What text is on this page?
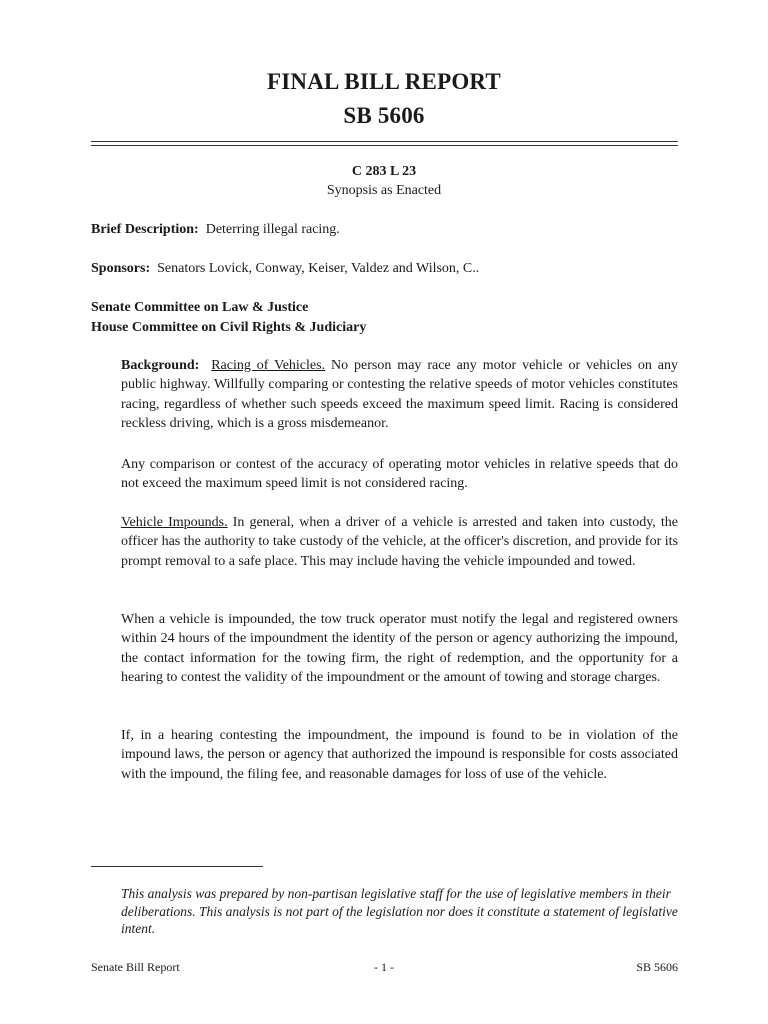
FINAL BILL REPORT
SB 5606
C 283 L 23
Synopsis as Enacted
Brief Description: Deterring illegal racing.
Sponsors: Senators Lovick, Conway, Keiser, Valdez and Wilson, C..
Senate Committee on Law & Justice
House Committee on Civil Rights & Judiciary
Background: Racing of Vehicles. No person may race any motor vehicle or vehicles on any public highway. Willfully comparing or contesting the relative speeds of motor vehicles constitutes racing, regardless of whether such speeds exceed the maximum speed limit. Racing is considered reckless driving, which is a gross misdemeanor.
Any comparison or contest of the accuracy of operating motor vehicles in relative speeds that do not exceed the maximum speed limit is not considered racing.
Vehicle Impounds. In general, when a driver of a vehicle is arrested and taken into custody, the officer has the authority to take custody of the vehicle, at the officer's discretion, and provide for its prompt removal to a safe place. This may include having the vehicle impounded and towed.
When a vehicle is impounded, the tow truck operator must notify the legal and registered owners within 24 hours of the impoundment the identity of the person or agency authorizing the impound, the contact information for the towing firm, the right of redemption, and the opportunity for a hearing to contest the validity of the impoundment or the amount of towing and storage charges.
If, in a hearing contesting the impoundment, the impound is found to be in violation of the impound laws, the person or agency that authorized the impound is responsible for costs associated with the impound, the filing fee, and reasonable damages for loss of use of the vehicle.
This analysis was prepared by non-partisan legislative staff for the use of legislative members in their deliberations. This analysis is not part of the legislation nor does it constitute a statement of legislative intent.
Senate Bill Report	- 1 -	SB 5606
